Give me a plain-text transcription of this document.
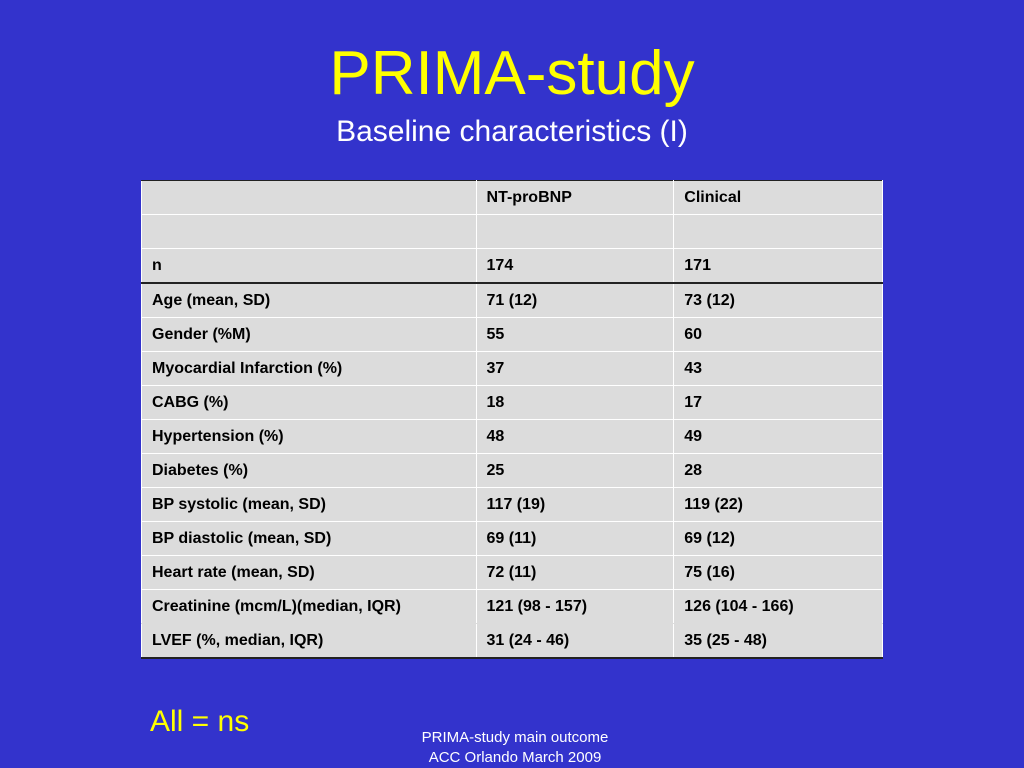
PRIMA-study
Baseline characteristics (I)
	NT-proBNP	Clinical

n	174	171
Age (mean, SD)	71 (12)	73 (12)
Gender (%M)	55	60
Myocardial Infarction (%)	37	43
CABG (%)	18	17
Hypertension (%)	48	49
Diabetes (%)	25	28
BP systolic (mean, SD)	117 (19)	119 (22)
BP diastolic (mean, SD)	69 (11)	69 (12)
Heart rate (mean, SD)	72 (11)	75 (16)
Creatinine (mcm/L)(median, IQR)	121 (98 - 157)	126 (104 - 166)
LVEF (%, median, IQR)	31 (24 - 46)	35 (25 - 48)
All = ns	PRIMA-study main outcome
ACC Orlando March 2009
